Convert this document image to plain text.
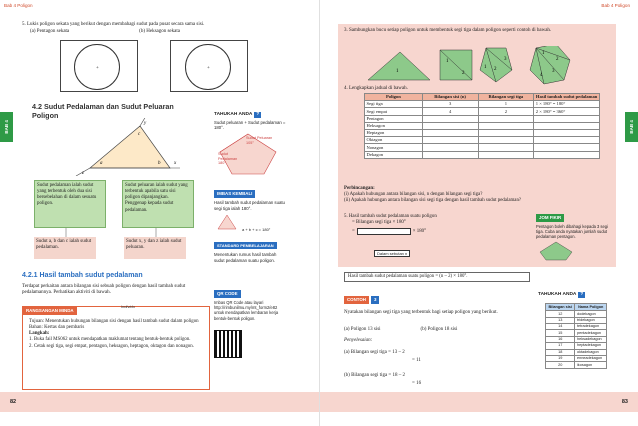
Bab 4 Poligon
BAB 4
5. Lukis poligon sekata yang berikut dengan membahagi sudut pada pusat secara sama sisi.
(a) Pentagon sekata	(b) Heksagon sekata
+	+
4.2 Sudut Pedalaman dan Sudut Peluaran Poligon
a	b
c
x
y
z
Sudut pedalaman ialah sudut yang terbentuk oleh dua sisi bersebelahan di dalam sesuatu poligon.
Sudut peluaran ialah sudut yang terbentuk apabila satu sisi poligon dipanjangkan. Penggenap kepada sudut pedalaman.
Sudut a, b dan c ialah sudut pedalaman.
Sudut x, y dan z ialah sudut peluaran.
TAHUKAH ANDA ?
Sudut peluaran + Sudut pedalaman = 180°.
Sudut Peluaran 105°
Sudut Pedalaman 180°
IMBAS KEMBALI
Hasil tambah sudut pedalaman suatu segi tiga ialah 180°.
a + b + c = 180°
STANDARD PEMBELAJARAN
Menentukan rumus hasil tambah sudut pedalaman suatu poligon.
QR CODE
Imbas QR Code atau layari http://rimbunilmu.my/mt_form2/e82 untuk mendapatkan lembaran kerja bentuk-bentuk poligon.
4.2.1 Hasil tambah sudut pedalaman
Terdapat perkaitan antara bilangan sisi sebuah poligon dengan hasil tambah sudut pedalamannya. Perhatikan aktiviti di bawah.
RANGSANGAN MINDA
Individu
Tujuan: Menentukan hubungan bilangan sisi dengan hasil tambah sudut dalam poligon
Bahan: Kertas dan pembaris
Langkah:
1. Buka fail MS062 untuk mendapatkan maklumat tentang bentuk-bentuk poligon.
2. Cetak segi tiga, segi empat, pentagon, heksagon, heptagon, oktagon dan nonagon.
82
Bab 4 Poligon
BAB 4
3. Sambungkan bucu setiap poligon untuk membentuk segi tiga dalam poligon seperti contoh di bawah.
1
1
2
1 2
3
1
2
3
4
4. Lengkapkan jadual di bawah.
Poligon	Bilangan sisi (n)	Bilangan segi tiga	Hasil tambah sudut pedalaman
Segi tiga	3	1	1 × 180° = 180°
Segi empat	4	2	2 × 180° = 360°
Pentagon			
Heksagon			
Heptagon			
Oktagon			
Nonagon			
Dekagon			
Perbincangan:
(i) Apakah hubungan antara bilangan sisi, n dengan bilangan segi tiga?
(ii) Apakah hubungan antara bilangan sisi segi tiga dengan hasil tambah sudut pedalaman?
5. Hasil tambah sudut pedalaman suatu poligon
= Bilangan segi tiga × 180°
=	× 180°
Dalam sebutan n
JOM FIKIR
Pentagon boleh dibahagi kepada 3 segi tiga. Cuba anda nyatakan jumlah sudut pedalaman pentagon.
Hasil tambah sudut pedalaman suatu poligon = (n – 2) × 180°.
CONTOH	3
Nyatakan bilangan segi tiga yang terbentuk bagi setiap poligon yang berikut.
(a) Poligon 13 sisi	(b) Poligon 18 sisi
Penyelesaian:
(a) Bilangan segi tiga = 13 – 2
= 11
(b) Bilangan segi tiga = 18 – 2
= 16
TAHUKAH ANDA ?
Bilangan sisi	Nama Poligon
12	dodekagon
13	tridekagon
14	tetradekagon
15	pentadekagon
16	heksadekagon
17	heptadekagon
18	oktadekagon
19	enneadekagon
20	ikosagon
83
